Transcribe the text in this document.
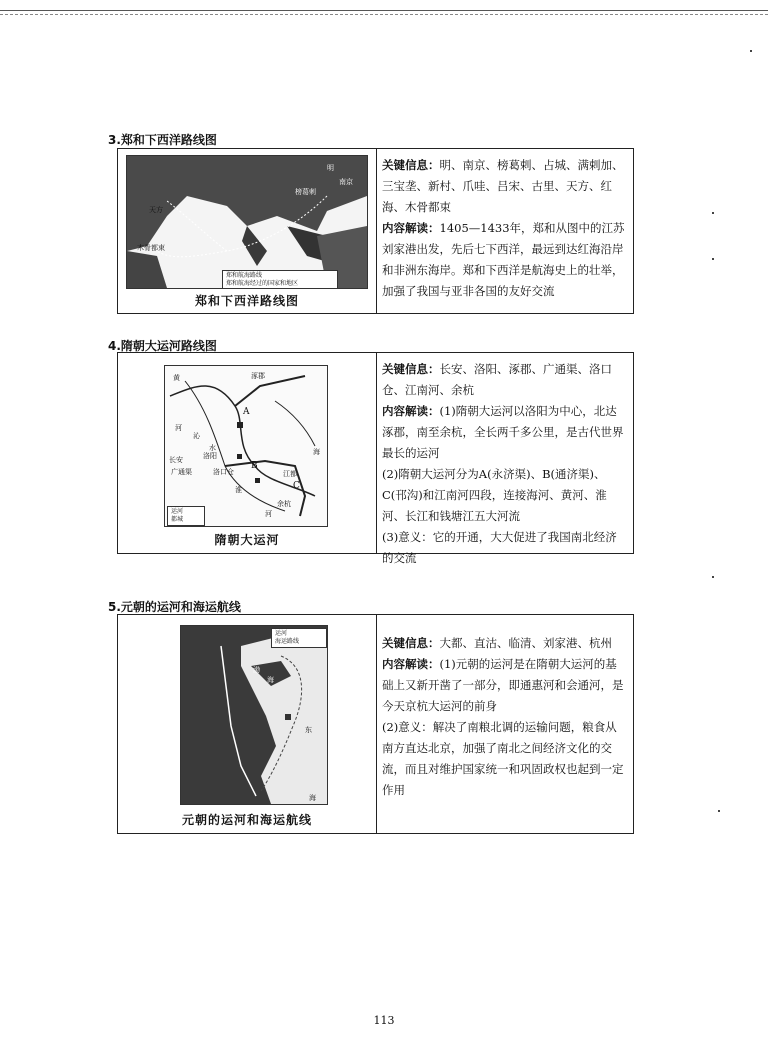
3.郑和下西洋路线图
明
榜葛剌
南京
天方
木骨都束
郑和航海路线
郑和航海经过的国家和地区
郑和下西洋路线图
关键信息：明、南京、榜葛剌、占城、满剌加、三宝垄、新村、爪哇、吕宋、古里、天方、红海、木骨都束
内容解读：1405—1433年，郑和从图中的江苏刘家港出发，先后七下西洋，最远到达红海沿岸和非洲东海岸。郑和下西洋是航海史上的壮举，加强了我国与亚非各国的友好交流
4.隋朝大运河路线图
黄	涿郡
A
河
沁
水
长安	洛阳
广通渠	洛口仓
B
淮	C
江都
余杭
海
河
运河
都城
隋朝大运河
关键信息：长安、洛阳、涿郡、广通渠、洛口仓、江南河、余杭
内容解读：(1)隋朝大运河以洛阳为中心，北达涿郡，南至余杭，全长两千多公里，是古代世界最长的运河
(2)隋朝大运河分为A(永济渠)、B(通济渠)、C(邗沟)和江南河四段，连接海河、黄河、淮河、长江和钱塘江五大河流
(3)意义：它的开通，大大促进了我国南北经济的交流
5.元朝的运河和海运航线
运河
海运路线
渤
海
东
海
元朝的运河和海运航线
关键信息：大都、直沽、临清、刘家港、杭州
内容解读：(1)元朝的运河是在隋朝大运河的基础上又新开凿了一部分，即通惠河和会通河，是今天京杭大运河的前身
(2)意义：解决了南粮北调的运输问题，粮食从南方直达北京，加强了南北之间经济文化的交流，而且对维护国家统一和巩固政权也起到一定作用
113
